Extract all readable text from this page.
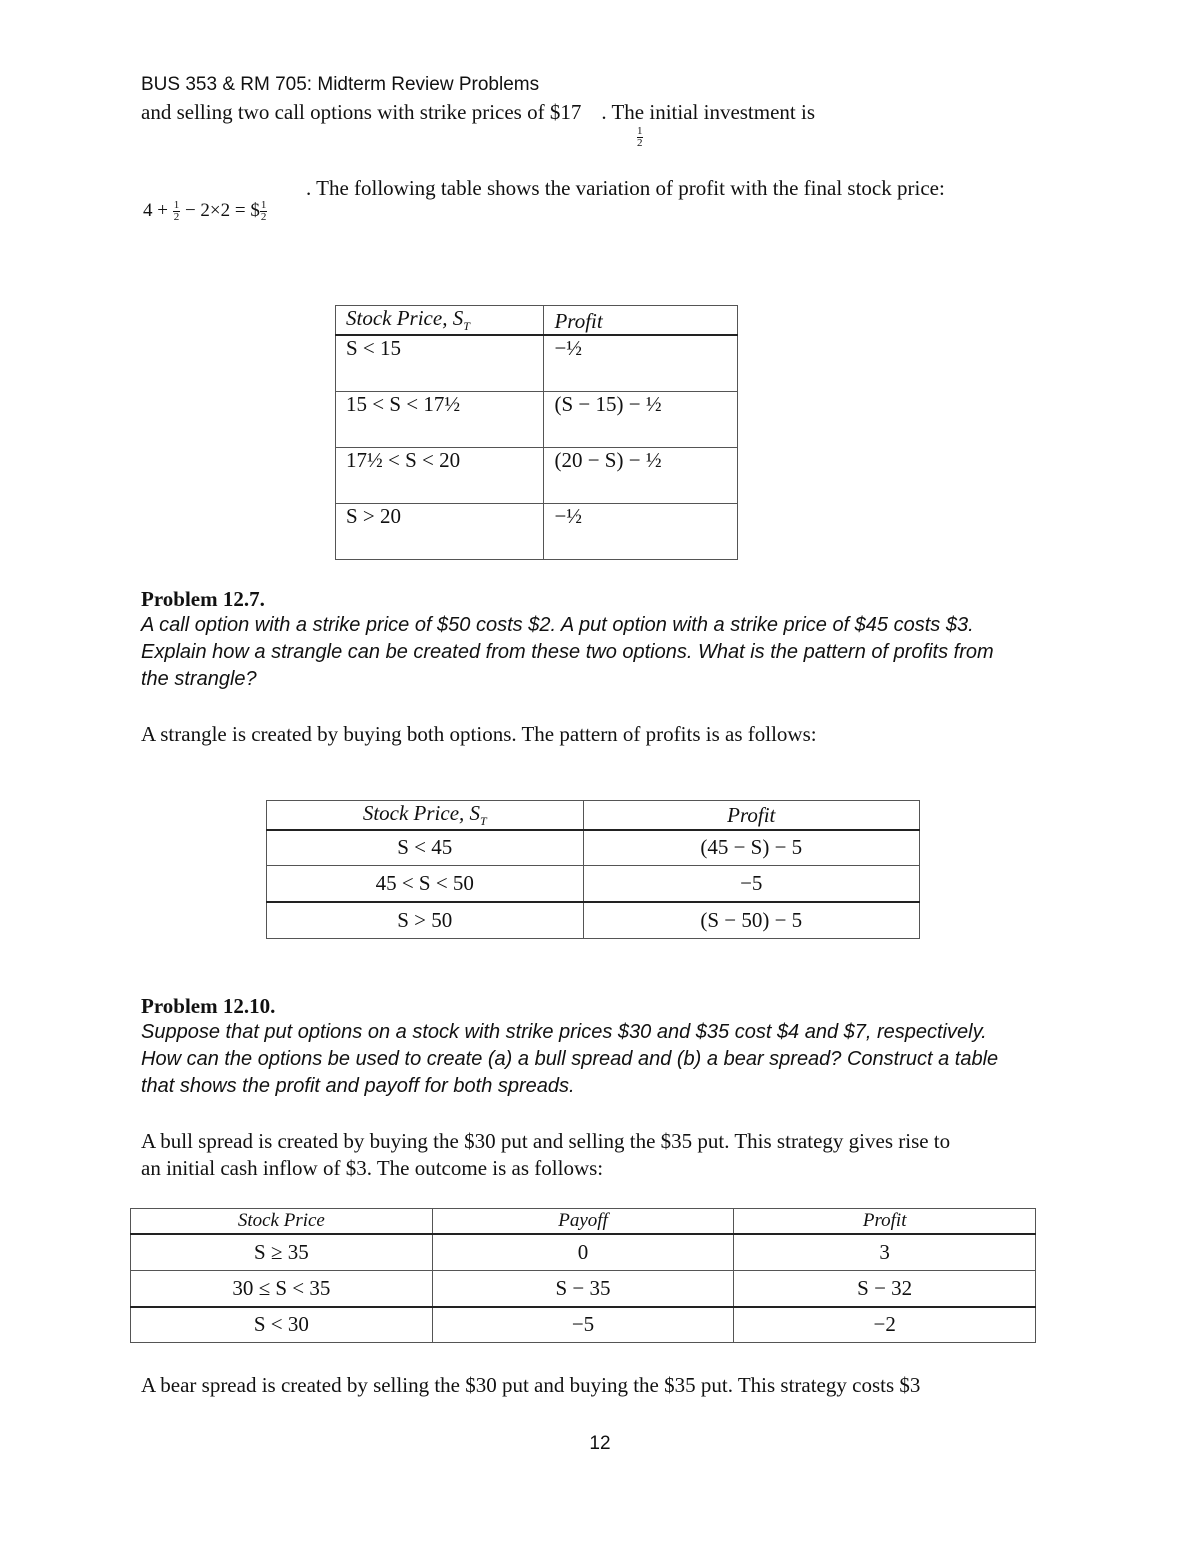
BUS 353 & RM 705: Midterm Review Problems
and selling two call options with strike prices of $17 . The initial investment is
1
2
$4 + \frac{1}{2} - 2\times 2$ = $ $\frac{1}{2}$
. The following table shows the variation of profit with the final stock price:
Stock Price, $S_T$	Profit
S < 15	−½
15 < S < 17½	(S − 15) − ½
17½ < S < 20	(20 − S) − ½
S > 20	−½
Problem 12.7.
A call option with a strike price of $50 costs $2. A put option with a strike price of $45 costs $3.
Explain how a strangle can be created from these two options. What is the pattern of profits from
the strangle?
A strangle is created by buying both options. The pattern of profits is as follows:
Stock Price, $S_T$	Profit
S < 45	(45 − S) − 5
45 < S < 50	−5
S > 50	(S − 50) − 5
Problem 12.10.
Suppose that put options on a stock with strike prices $30 and $35 cost $4 and $7, respectively.
How can the options be used to create (a) a bull spread and (b) a bear spread? Construct a table
that shows the profit and payoff for both spreads.
A bull spread is created by buying the $30 put and selling the $35 put. This strategy gives rise to
an initial cash inflow of $3. The outcome is as follows:
Stock Price	Payoff	Profit
S ≥ 35	0	3
30 ≤ S < 35	S − 35	S − 32
S < 30	−5	−2
A bear spread is created by selling the $30 put and buying the $35 put. This strategy costs $3
12
